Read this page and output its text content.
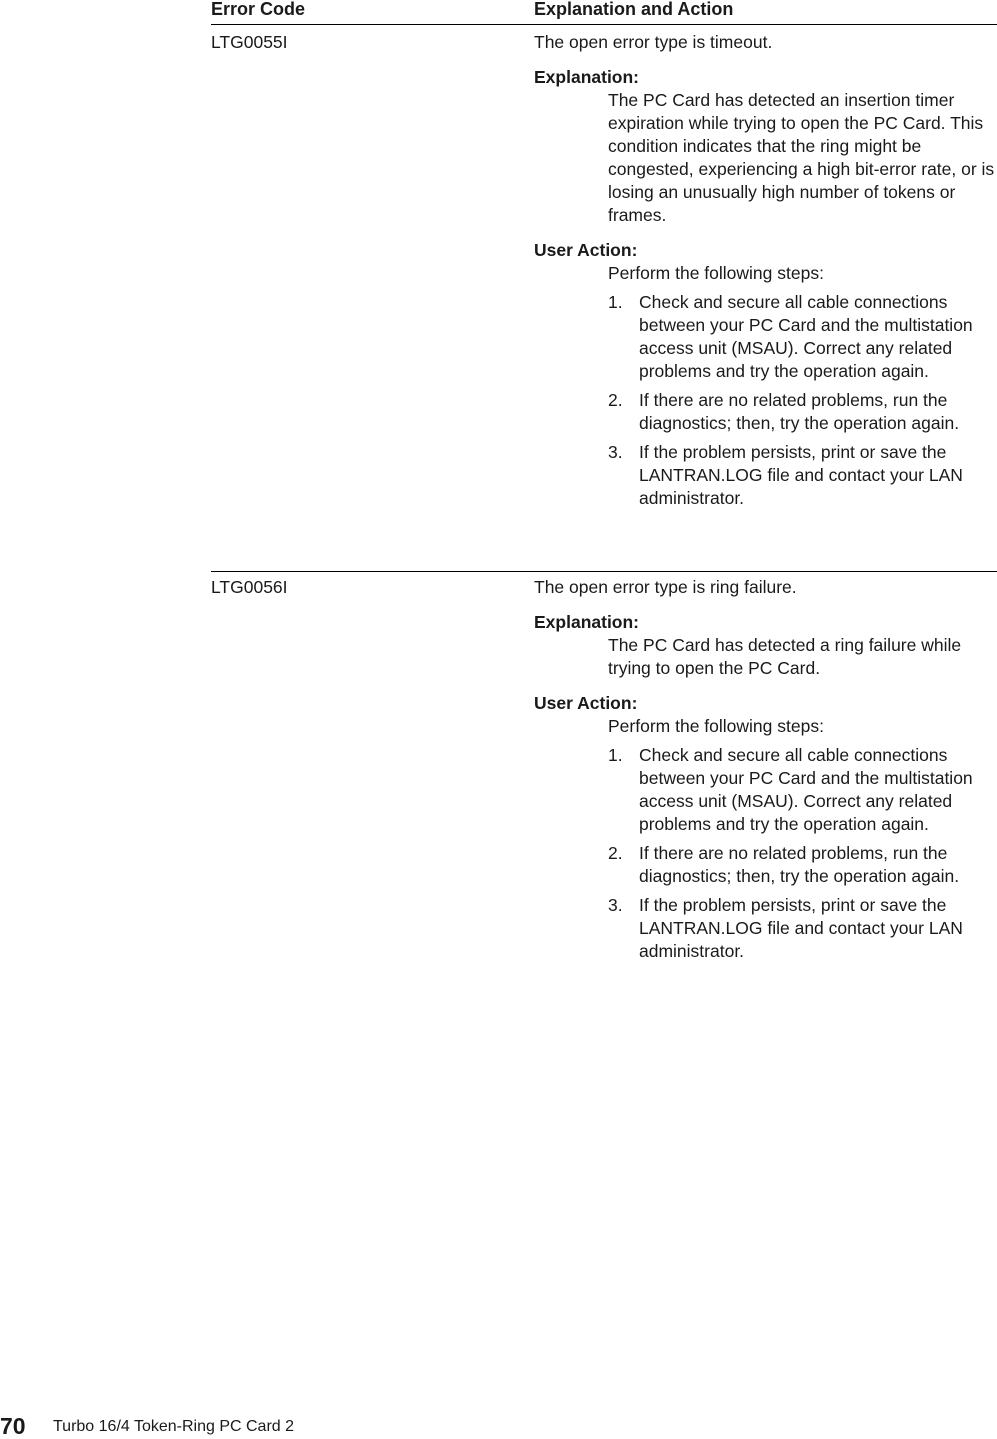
Error Code	Explanation and Action
LTG0055I	The open error type is timeout.
Explanation:
The PC Card has detected an insertion timer expiration while trying to open the PC Card. This condition indicates that the ring might be congested, experiencing a high bit-error rate, or is losing an unusually high number of tokens or frames.
User Action:
Perform the following steps:
1. Check and secure all cable connections between your PC Card and the multistation access unit (MSAU). Correct any related problems and try the operation again.
2. If there are no related problems, run the diagnostics; then, try the operation again.
3. If the problem persists, print or save the LANTRAN.LOG file and contact your LAN administrator.
LTG0056I	The open error type is ring failure.
Explanation:
The PC Card has detected a ring failure while trying to open the PC Card.
User Action:
Perform the following steps:
1. Check and secure all cable connections between your PC Card and the multistation access unit (MSAU). Correct any related problems and try the operation again.
2. If there are no related problems, run the diagnostics; then, try the operation again.
3. If the problem persists, print or save the LANTRAN.LOG file and contact your LAN administrator.
70 Turbo 16/4 Token-Ring PC Card 2
